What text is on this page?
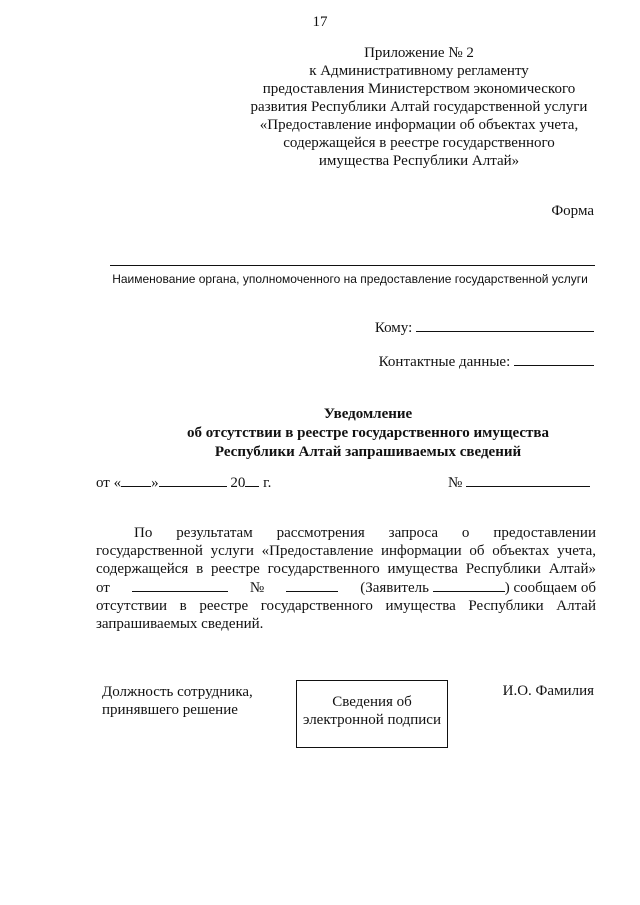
17
Приложение № 2
к Административному регламенту
предоставления Министерством экономического
развития Республики Алтай государственной услуги
«Предоставление информации об объектах учета,
содержащейся в реестре государственного
имущества Республики Алтай»
Форма
Наименование органа, уполномоченного на предоставление государственной услуги
Кому:
Контактные данные:
Уведомление
об отсутствии в реестре государственного имущества
Республики Алтай запрашиваемых сведений
от « »	20 г.	№

По результатам рассмотрения запроса о предоставлении

государственной услуги «Предоставление информации об объектах учета,

содержащейся в реестре государственного имущества Республики Алтай»

от	№	(Заявитель	) сообщаем об

отсутствии в реестре государственного имущества Республики Алтай

запрашиваемых сведений.

Должность сотрудника,
принявшего решение	Сведения об
электронной подписи
И.О. Фамилия
